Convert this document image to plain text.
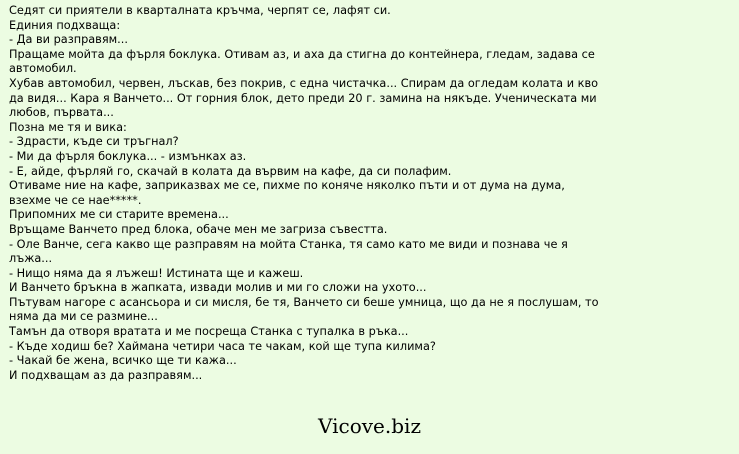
Седят си приятели в кварталната кръчма, черпят се, лафят си.
Единия подхваща:
- Да ви разправям...
Пращаме мойта да фърля боклука. Отивам аз, и аха да стигна до контейнера, гледам, задава се
автомобил.
Хубав автомобил, червен, лъскав, без покрив, с една чистачка... Спирам да огледам колата и кво
да видя... Кара я Ванчето... От горния блок, дето преди 20 г. замина на някъде. Ученическата ми
любов, първата...
Позна ме тя и вика:
- Здрасти, къде си тръгнал?
- Ми да фърля боклука... - измънках аз.
- Е, айде, фърляй го, скачай в колата да вървим на кафе, да си полафим.
Отиваме ние на кафе, заприказвах ме се, пихме по коняче няколко пъти и от дума на дума,
взехме че се нае*****.
Припомних ме си старите времена...
Връщаме Ванчето пред блока, обаче мен ме загриза съвестта.
- Оле Ванче, сега какво ще разправям на мойта Станка, тя само като ме види и познава че я
лъжа...
- Нищо няма да я лъжеш! Истината ще и кажеш.
И Ванчето бръкна в жапката, извади молив и ми го сложи на ухото...
Пътувам нагоре с асансьора и си мисля, бе тя, Ванчето си беше умница, що да не я послушам, то
няма да ми се размине...
Тамън да отворя вратата и ме посреща Станка с тупалка в ръка...
- Къде ходиш бе? Хаймана четири часа те чакам, кой ще тупа килима?
- Чакай бе жена, всичко ще ти кажа...
И подхващам аз да разправям...
Vicove.biz
